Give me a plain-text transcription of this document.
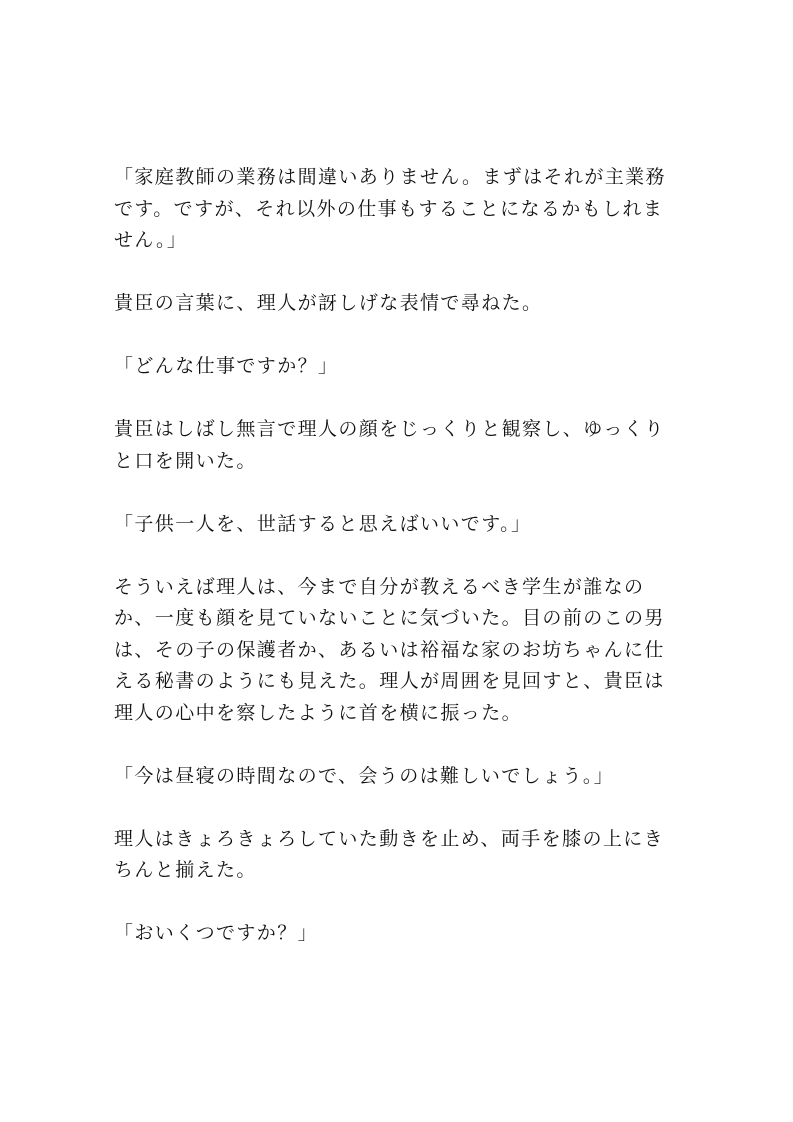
「家庭教師の業務は間違いありません。まずはそれが主業務
です。ですが、それ以外の仕事もすることになるかもしれま
せん。」
貴臣の言葉に、理人が訝しげな表情で尋ねた。
「どんな仕事ですか？」
貴臣はしばし無言で理人の顔をじっくりと観察し、ゆっくり
と口を開いた。
「子供一人を、世話すると思えばいいです。」
そういえば理人は、今まで自分が教えるべき学生が誰なの
か、一度も顔を見ていないことに気づいた。目の前のこの男
は、その子の保護者か、あるいは裕福な家のお坊ちゃんに仕
える秘書のようにも見えた。理人が周囲を見回すと、貴臣は
理人の心中を察したように首を横に振った。
「今は昼寝の時間なので、会うのは難しいでしょう。」
理人はきょろきょろしていた動きを止め、両手を膝の上にき
ちんと揃えた。
「おいくつですか？」
